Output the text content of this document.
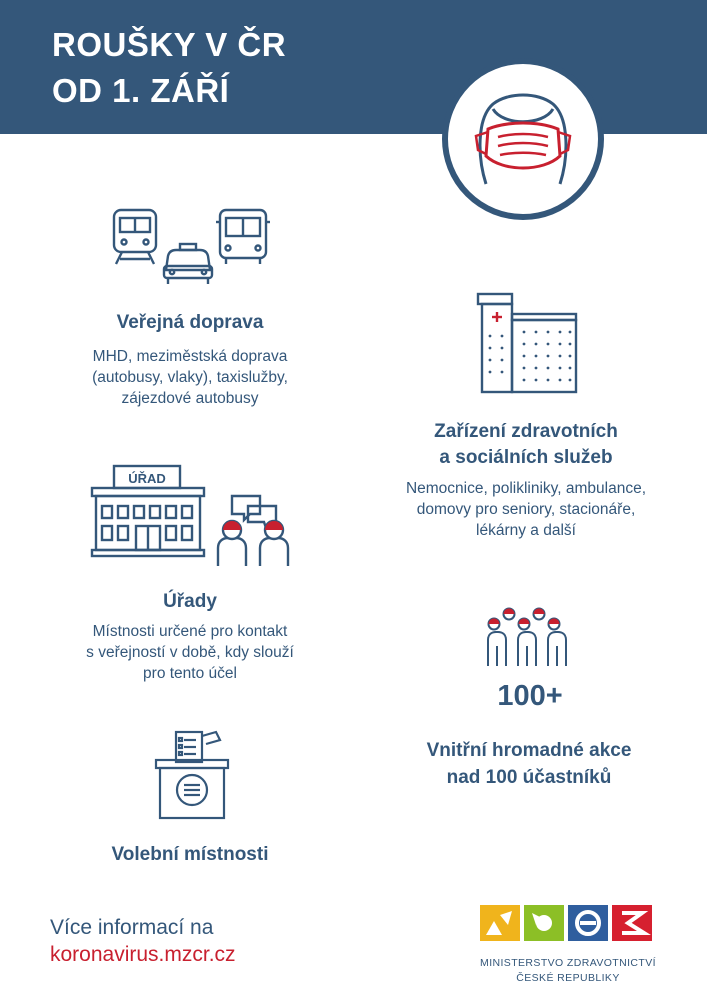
ROUŠKY V ČR
OD 1. ZÁŘÍ
Veřejná doprava
MHD, meziměstská doprava
(autobusy, vlaky), taxislužby,
zájezdové autobusy
Zařízení zdravotních
a sociálních služeb
Nemocnice, polikliniky, ambulance,
domovy pro seniory, stacionáře,
lékárny a další
ÚŘAD
Úřady
Místnosti určené pro kontakt
s veřejností v době, kdy slouží
pro tento účel
100+
Vnitřní hromadné akce
nad 100 účastníků
Volební místnosti
Více informací na
koronavirus.mzcr.cz	MINISTERSTVO ZDRAVOTNICTVÍ
ČESKÉ REPUBLIKY
